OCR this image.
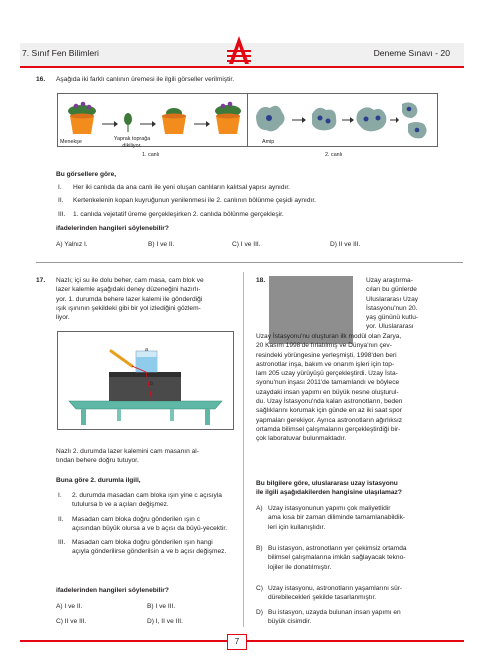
7. Sınıf Fen Bilimleri	Deneme Sınavı - 20
16. Aşağıda iki farklı canlının üremesi ile ilgili görseller verilmiştir.
Menekşe	Yaprak toprağa dikiliyor.
Amip
1. canlı	2. canlı
Bu görsellere göre,
I.	Her iki canlıda da ana canlı ile yeni oluşan canlıların kalıtsal yapısı aynıdır.
II.	Kertenkelenin kopan kuyruğunun yenilenmesi ile 2. canlının bölünme çeşidi aynıdır.
III.	1. canlıda vejetatif üreme gerçekleşirken 2. canlıda bölünme gerçekleşir.
ifadelerinden hangileri söylenebilir?
A) Yalnız I.	B) I ve II.	C) I ve III.	D) II ve III.
17. Nazlı; içi su ile dolu beher, cam masa, cam blok ve

lazer kalemle aşağıdaki deney düzeneğini hazırlı-

yor. 1. durumda behere lazer kalemi ile gönderdiği

ışık ışınının şekildeki gibi bir yol izlediğini gözlem-

liyor.

a
b

Nazlı 2. durumda lazer kalemini cam masanın al-

tından behere doğru tutuyor.

Buna göre 2. durumla ilgili,
I.	2. durumda masadan cam bloka ışın yine c açısıyla tutulursa b ve a açıları değişmez.
II.	Masadan cam bloka doğru gönderilen ışın c açısından büyük olursa a ve b açısı da büyü-yecektir.
III.	Masadan cam bloka doğru gönderilen ışın hangi açıyla gönderilirse gönderilsin a ve b açısı değişmez.
ifadelerinden hangileri söylenebilir?
A) I ve II.	B) I ve III.
C) II ve III.	D) I, II ve III.
18.	Uzay araştırma-

cıları bu günlerde

Uluslararası Uzay

İstasyonu'nun 20.

yaş gününü kutlu-

yor. Uluslararası

Uzay İstasyonu'nu oluşturan ilk modül olan Zarya,

20 Kasım 1998'de fırlatılmış ve Dünya'nın çev-

resindeki yörüngesine yerleşmişti. 1998'den beri

astronotlar inşa, bakım ve onarım işleri için top-

lam 205 uzay yürüyüşü gerçekleştirdi. Uzay İsta-

syonu'nun inşası 2011'de tamamlandı ve böylece

uzaydaki insan yapımı en büyük nesne oluşturul-

du. Uzay İstasyonu'nda kalan astronotların, beden

sağlıklarını korumak için günde en az iki saat spor

yapmaları gerekiyor. Ayrıca astronotların ağırlıksız

ortamda bilimsel çalışmalarını gerçekleştirdiği bir-

çok laboratuvar bulunmaktadır.

Bu bilgilere göre, uluslararası uzay istasyonu

ile ilgili aşağıdakilerden hangisine ulaşılamaz?

A) Uzay istasyonunun yapımı çok maliyetlidir

ama kısa bir zaman diliminde tamamlanabildik-

leri için kullanışlıdır.

B) Bu istasyon, astronotların yer çekimsiz ortamda

bilimsel çalışmalarına imkân sağlayacak tekno-

lojiler ile donatılmıştır.

C) Uzay istasyonu, astronotların yaşamlarını sür-

dürebilecekleri şekilde tasarlanmıştır.

D) Bu istasyon, uzayda bulunan insan yapımı en

büyük cisimdir.

7
